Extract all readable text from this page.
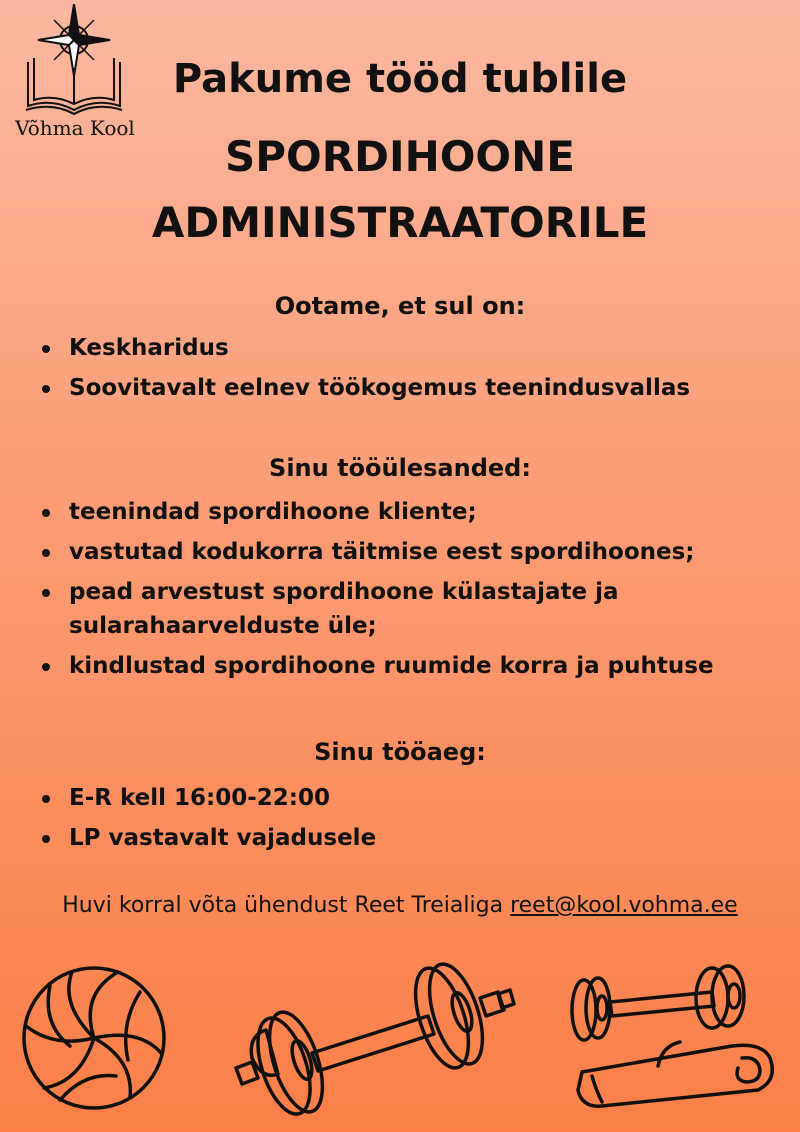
Võhma Kool
Pakume tööd tublile
SPORDIHOONE
ADMINISTRAATORILE
Ootame, et sul on:
Keskharidus
Soovitavalt eelnev töökogemus teenindusvallas
Sinu tööülesanded:
teenindad spordihoone kliente;
vastutad kodukorra täitmise eest spordihoones;
pead arvestust spordihoone külastajate ja
sularahaarvelduste üle;
kindlustad spordihoone ruumide korra ja puhtuse
Sinu tööaeg:
E-R kell 16:00-22:00
LP vastavalt vajadusele
Huvi korral võta ühendust Reet Treialiga reet@kool.vohma.ee
